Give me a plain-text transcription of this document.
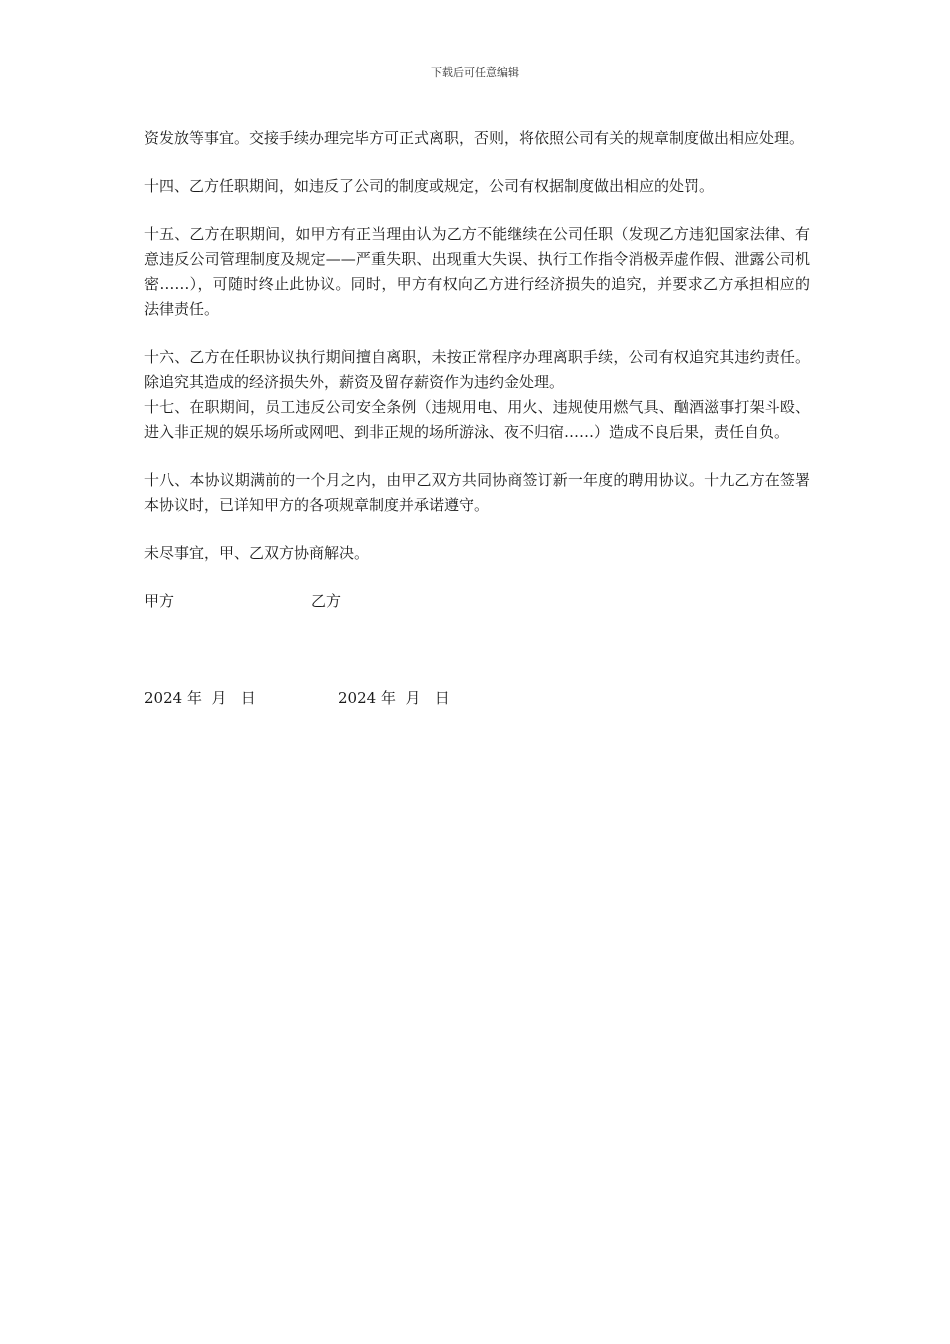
下载后可任意编辑

资发放等事宜。交接手续办理完毕方可正式离职，否则，将依照公司有关的规章制度做出相应处理。

十四、乙方任职期间，如违反了公司的制度或规定，公司有权据制度做出相应的处罚。

十五、乙方在职期间，如甲方有正当理由认为乙方不能继续在公司任职（发现乙方违犯国家法律、有意违反公司管理制度及规定——严重失职、出现重大失误、执行工作指令消极弄虚作假、泄露公司机密……），可随时终止此协议。同时，甲方有权向乙方进行经济损失的追究，并要求乙方承担相应的法律责任。

十六、乙方在任职协议执行期间擅自离职，未按正常程序办理离职手续，公司有权追究其违约责任。除追究其造成的经济损失外，薪资及留存薪资作为违约金处理。

十七、在职期间，员工违反公司安全条例（违规用电、用火、违规使用燃气具、酗酒滋事打架斗殴、进入非正规的娱乐场所或网吧、到非正规的场所游泳、夜不归宿……）造成不良后果，责任自负。

十八、本协议期满前的一个月之内，由甲乙双方共同协商签订新一年度的聘用协议。十九乙方在签署本协议时，已详知甲方的各项规章制度并承诺遵守。

未尽事宜，甲、乙双方协商解决。

甲方	乙方
2024 年  月   日	2024 年  月   日
